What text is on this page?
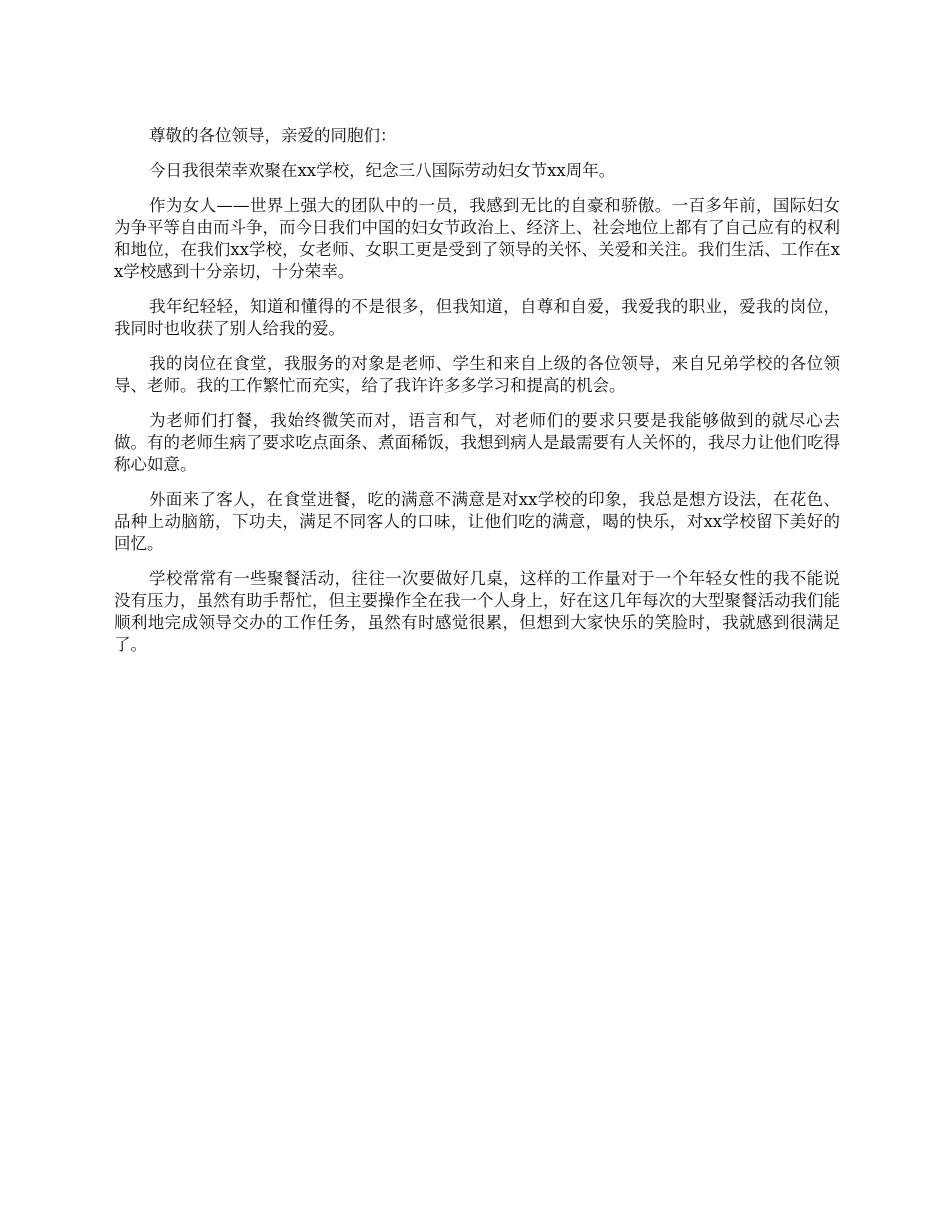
尊敬的各位领导，亲爱的同胞们：

今日我很荣幸欢聚在xx学校，纪念三八国际劳动妇女节xx周年。

作为女人——世界上强大的团队中的一员，我感到无比的自豪和骄傲。一百多年前，国际妇女为争平等自由而斗争，而今日我们中国的妇女节政治上、经济上、社会地位上都有了自己应有的权利和地位，在我们xx学校，女老师、女职工更是受到了领导的关怀、关爱和关注。我们生活、工作在xx学校感到十分亲切，十分荣幸。

我年纪轻轻，知道和懂得的不是很多，但我知道，自尊和自爱，我爱我的职业，爱我的岗位，我同时也收获了别人给我的爱。

我的岗位在食堂，我服务的对象是老师、学生和来自上级的各位领导，来自兄弟学校的各位领导、老师。我的工作繁忙而充实，给了我许许多多学习和提高的机会。

为老师们打餐，我始终微笑而对，语言和气，对老师们的要求只要是我能够做到的就尽心去做。有的老师生病了要求吃点面条、煮面稀饭，我想到病人是最需要有人关怀的，我尽力让他们吃得称心如意。

外面来了客人，在食堂进餐，吃的满意不满意是对xx学校的印象，我总是想方设法，在花色、品种上动脑筋，下功夫，满足不同客人的口味，让他们吃的满意，喝的快乐，对xx学校留下美好的回忆。

学校常常有一些聚餐活动，往往一次要做好几桌，这样的工作量对于一个年轻女性的我不能说没有压力，虽然有助手帮忙，但主要操作全在我一个人身上，好在这几年每次的大型聚餐活动我们能顺利地完成领导交办的工作任务，虽然有时感觉很累，但想到大家快乐的笑脸时，我就感到很满足了。
